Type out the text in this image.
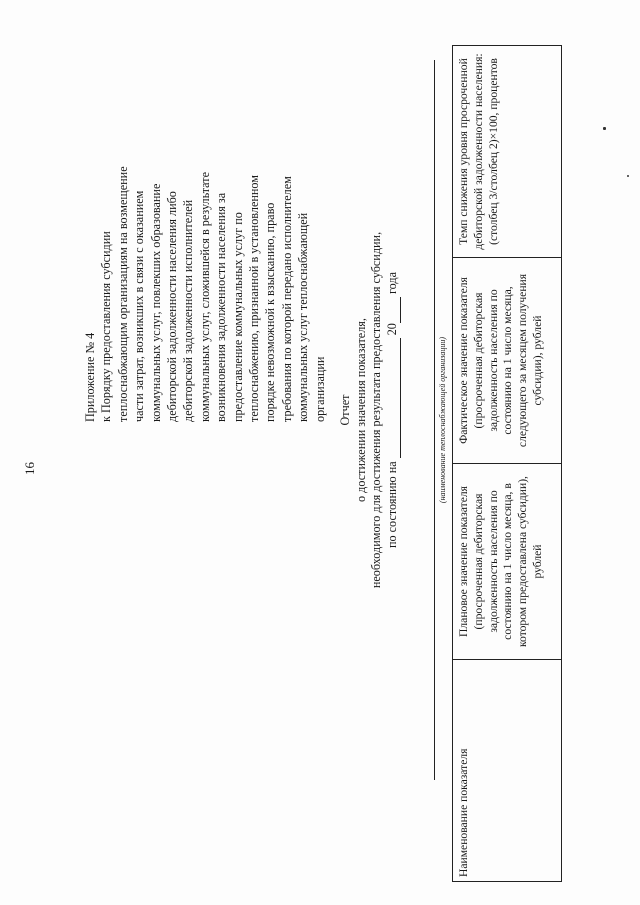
16
Приложение № 4 к Порядку предоставления субсидии теплоснабжающим организациям на возмещение части затрат, возникших в связи с оказанием коммунальных услуг, повлекших образование дебиторской задолженности населения либо дебиторской задолженности исполнителей коммунальных услуг, сложившейся в результате возникновения задолженности населения за предоставление коммунальных услуг по теплоснабжению, признанной в установленном порядке невозможной к взысканию, право требования по которой передано исполнителем коммунальных услуг теплоснабжающей организации Отчет о достижении значения показателя, необходимого для достижения результата предоставления субсидии, по состоянию на   20  года
(наименование теплоснабжающей организации)
Наименование показателя	Плановое значение показателя (просроченная дебиторская задолженность населения по состоянию на 1 число месяца, в котором предоставлена субсидии), рублей	Фактическое значение показателя (просроченная дебиторская задолженность населения по состоянию на 1 число месяца, следующего за месяцем получения субсидии), рублей	Темп снижения уровня просроченной дебиторской задолженности населения: (столбец 3/столбец 2)×100, процентов
